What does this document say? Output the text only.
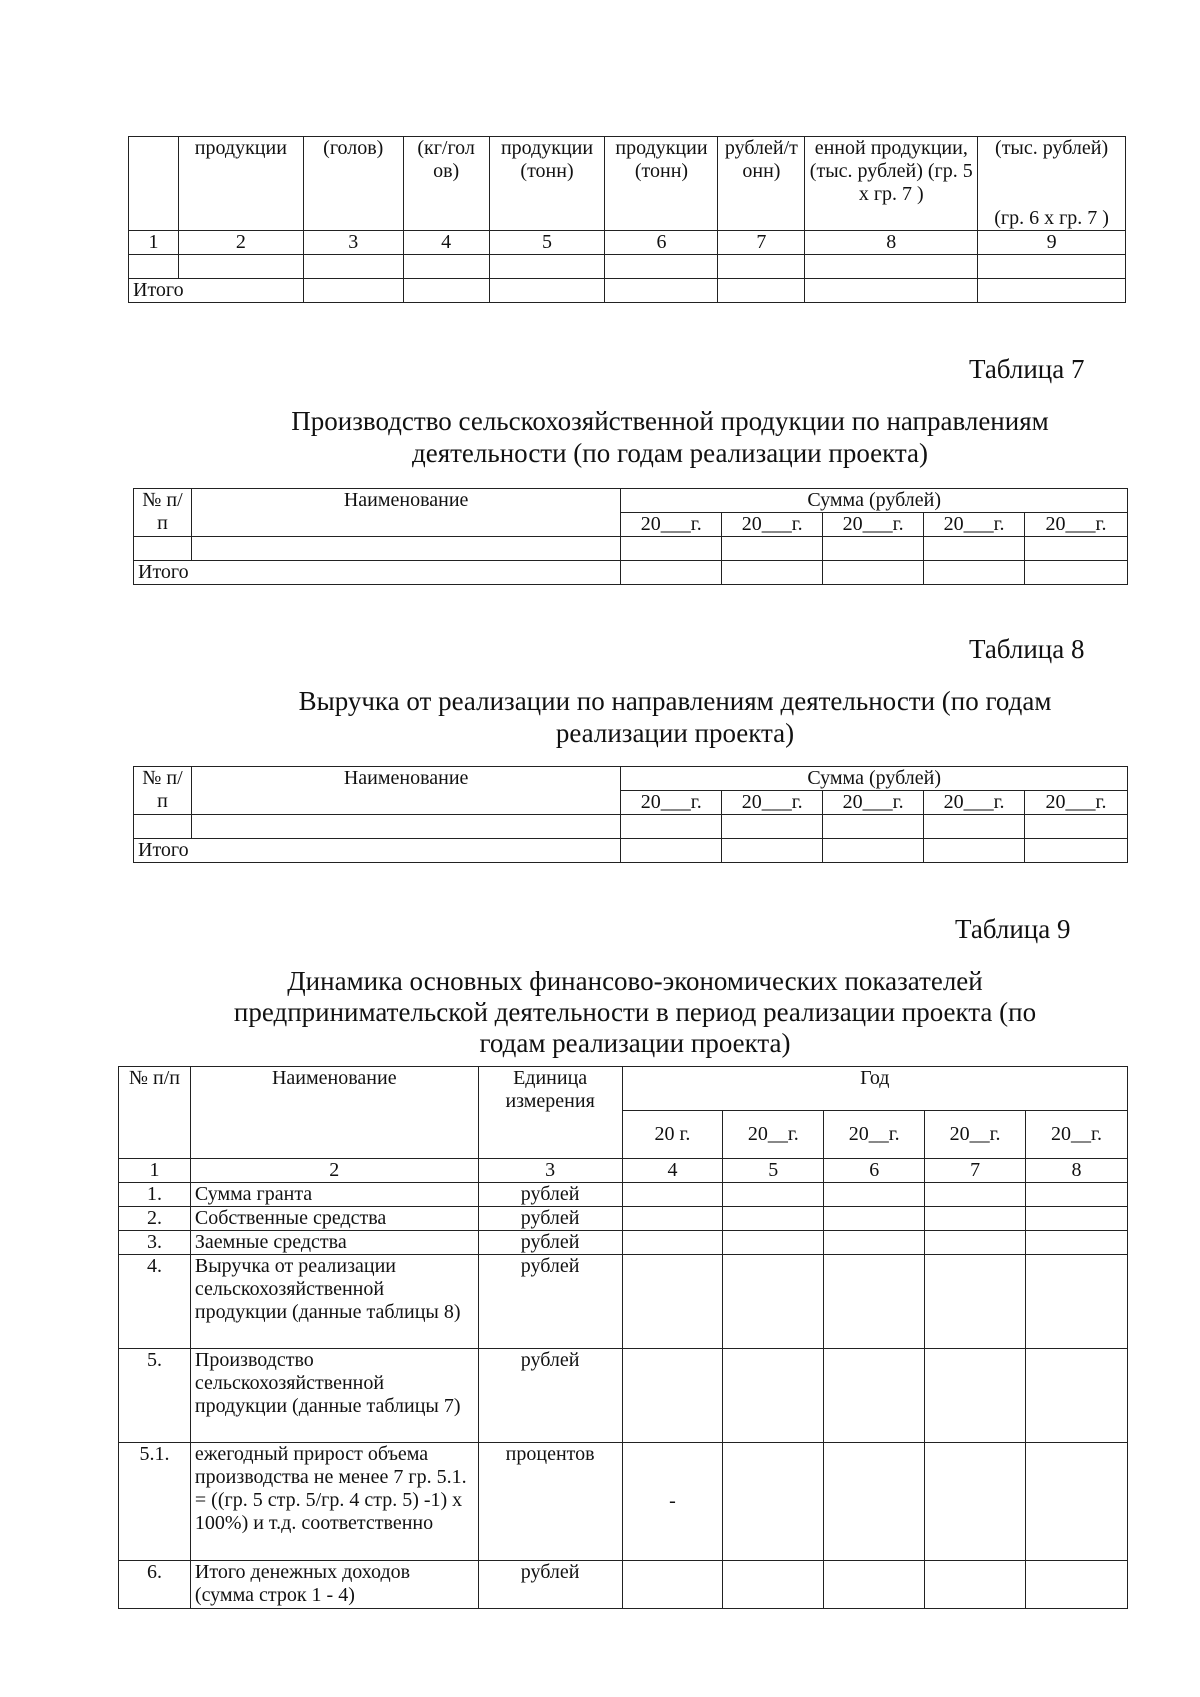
	продукции	(голов)	(кг/гол ов)	продукции (тонн)	продукции (тонн)	рублей/т онн)	енной продукции, (тыс. рублей) (гр. 5 х гр. 7 )	(тыс. рублей)
(гр. 6 х гр. 7 )

1	2	3	4	5	6	7	8	9

Итого								
Таблица 7
Производство сельскохозяйственной продукции по направлениям деятельности (по годам реализации проекта)
№ п/п	Наименование	Сумма (рублей)				
		20___г.	20___г.	20___г.	20___г.	20___г.

Итого						
Таблица 8
Выручка от реализации по направлениям деятельности (по годам реализации проекта)
№ п/п	Наименование	Сумма (рублей)				
		20___г.	20___г.	20___г.	20___г.	20___г.

Итого						
Таблица 9
Динамика основных финансово-экономических показателей предпринимательской деятельности в период реализации проекта (по годам реализации проекта)
№ п/п	Наименование	Единица измерения	Год				
			20 г.	20__г.	20__г.	20__г.	20__г.
1	2	3	4	5	6	7	8
1.	Сумма гранта	рублей					
2.	Собственные средства	рублей					
3.	Заемные средства	рублей					
4.	Выручка от реализации сельскохозяйственной продукции (данные таблицы 8)	рублей					
5.	Производство сельскохозяйственной продукции (данные таблицы 7)	рублей					
5.1.	ежегодный прирост объема производства не менее 7 гр. 5.1. = ((гр. 5 стр. 5/гр. 4 стр. 5) -1) х 100%) и т.д. соответственно	процентов	-				
6.	Итого денежных доходов (сумма строк 1 - 4)	рублей					
